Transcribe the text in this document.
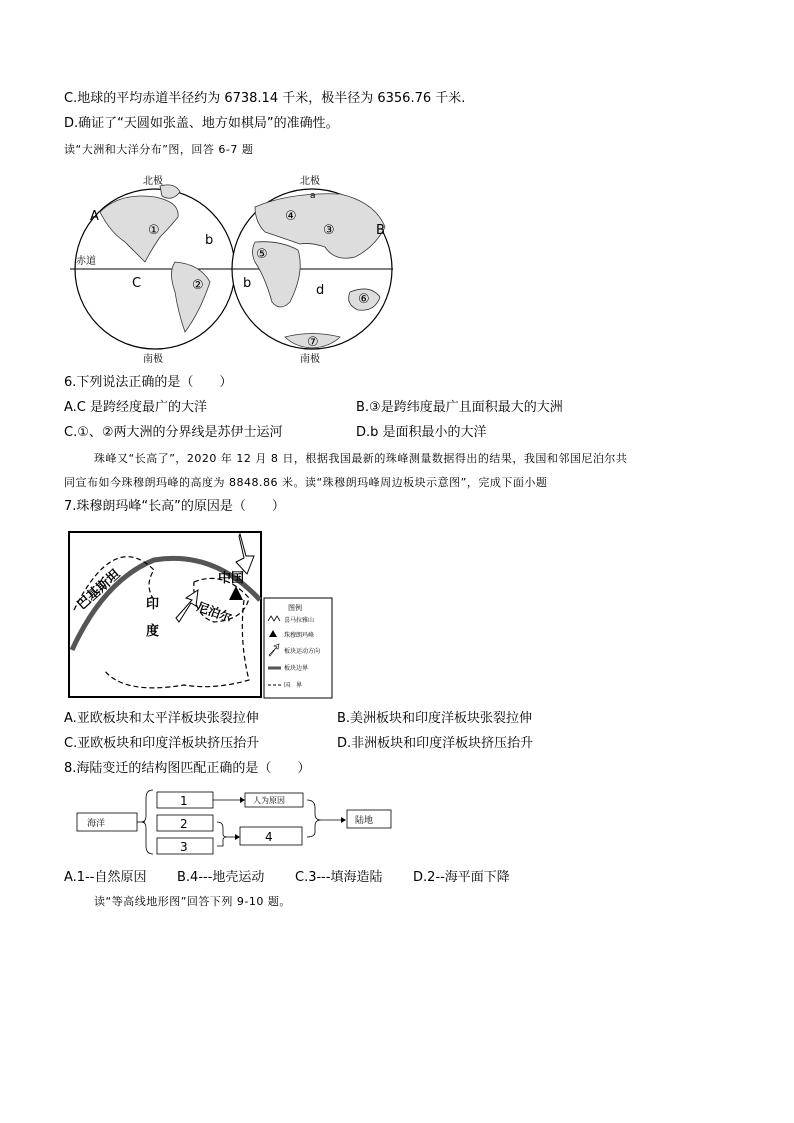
C.地球的平均赤道半径约为 6738.14 千米，极半径为 6356.76 千米.
D.确证了“天圆如张盖、地方如棋局”的准确性。
读“大洲和大洋分布”图，回答 6-7 题
北极	北极
南极	南极
赤道
A
B
C
b
b	d
a
①
②
③
④
⑤
⑥
⑦
6.下列说法正确的是（　　）
A.C 是跨经度最广的大洋	B.③是跨纬度最广且面积最大的大洲
C.①、②两大洲的分界线是苏伊士运河	D.b 是面积最小的大洋
珠峰又“长高了”，2020 年 12 月 8 日，根据我国最新的珠峰测量数据得出的结果，我国和邻国尼泊尔共
同宣布如今珠穆朗玛峰的高度为 8848.86 米。读“珠穆朗玛峰周边板块示意图”，完成下面小题
7.珠穆朗玛峰“长高”的原因是（　　）
巴基斯坦	中国
尼泊尔
印
度
图例
喜马拉雅山
珠穆朗玛峰
板块运动方向
板块边界
国　界
A.亚欧板块和太平洋板块张裂拉伸	B.美洲板块和印度洋板块张裂拉伸
C.亚欧板块和印度洋板块挤压抬升	D.非洲板块和印度洋板块挤压抬升
8.海陆变迁的结构图匹配正确的是（　　）
海洋
1
2
3
人为原因
4
陆地
A.1--自然原因 B.4---地壳运动 C.3---填海造陆 D.2--海平面下降
读“等高线地形图”回答下列 9-10 题。
